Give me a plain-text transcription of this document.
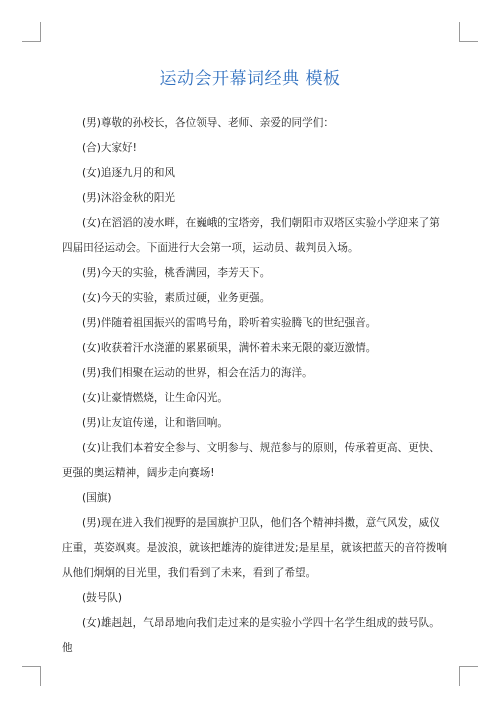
运动会开幕词经典 模板

(男)尊敬的孙校长，各位领导、老师、亲爱的同学们：

(合)大家好!

(女)追逐九月的和风

(男)沐浴金秋的阳光

(女)在滔滔的凌水畔，在巍峨的宝塔旁，我们朝阳市双塔区实验小学迎来了第四届田径运动会。下面进行大会第一项，运动员、裁判员入场。

(男)今天的实验，桃香满园，李芳天下。

(女)今天的实验，素质过硬，业务更强。

(男)伴随着祖国振兴的雷鸣号角，聆听着实验腾飞的世纪强音。

(女)收获着汗水浇灌的累累硕果，满怀着未来无限的豪迈激情。

(男)我们相聚在运动的世界，相会在活力的海洋。

(女)让豪情燃烧，让生命闪光。

(男)让友谊传递，让和谐回响。

(女)让我们本着安全参与、文明参与、规范参与的原则，传承着更高、更快、更强的奥运精神，阔步走向赛场!

(国旗)

(男)现在进入我们视野的是国旗护卫队，他们各个精神抖擞，意气风发，威仪庄重，英姿飒爽。是波浪，就该把雄涛的旋律迸发;是星星，就该把蓝天的音符拨响从他们炯炯的目光里，我们看到了未来，看到了希望。

(鼓号队)

(女)雄赳赳，气昂昂地向我们走过来的是实验小学四十名学生组成的鼓号队。他
